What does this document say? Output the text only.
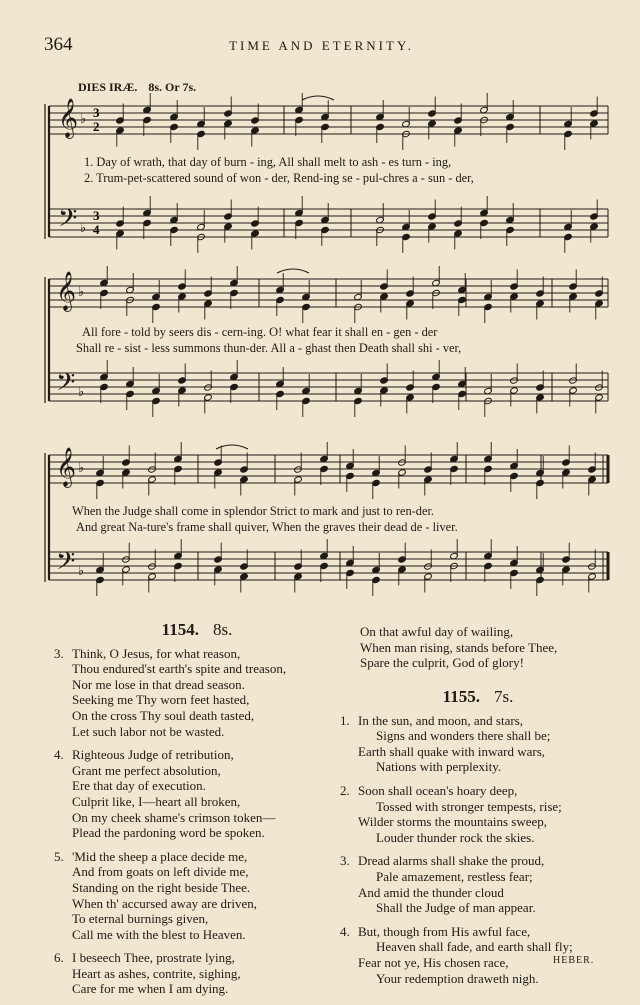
364	TIME AND ETERNITY.
DIES IRÆ. 8s. Or 7s.
3
2
3
4
𝄞
𝄢
♭
♭
𝄞
𝄢
♭
♭
𝄞
𝄢
♭
♭
1. Day of wrath, that day of burn - ing, All shall melt to ash - es turn - ing,
2. Trum-pet-scattered sound of won - der, Rend-ing se - pul-chres a - sun - der,
All fore - told by seers dis - cern-ing. O! what fear it shall en - gen - der
Shall re - sist - less summons thun-der. All a - ghast then Death shall shi - ver,
When the Judge shall come in splendor Strict to mark and just to ren-der.
And great Na-ture's frame shall quiver, When the graves their dead de - liver.
1154. 8s.
3. Think, O Jesus, for what reason,
Thou endured'st earth's spite and treason,
Nor me lose in that dread season.
Seeking me Thy worn feet hasted,
On the cross Thy soul death tasted,
Let such labor not be wasted.
4. Righteous Judge of retribution,
Grant me perfect absolution,
Ere that day of execution.
Culprit like, I—heart all broken,
On my cheek shame's crimson token—
Plead the pardoning word be spoken.
5. 'Mid the sheep a place decide me,
And from goats on left divide me,
Standing on the right beside Thee.
When th' accursed away are driven,
To eternal burnings given,
Call me with the blest to Heaven.
6. I beseech Thee, prostrate lying,
Heart as ashes, contrite, sighing,
Care for me when I am dying.
On that awful day of wailing,
When man rising, stands before Thee,
Spare the culprit, God of glory!
1155. 7s.
1. In the sun, and moon, and stars,
Signs and wonders there shall be;
Earth shall quake with inward wars,
Nations with perplexity.
2. Soon shall ocean's hoary deep,
Tossed with stronger tempests, rise;
Wilder storms the mountains sweep,
Louder thunder rock the skies.
3. Dread alarms shall shake the proud,
Pale amazement, restless fear;
And amid the thunder cloud
Shall the Judge of man appear.
4. But, though from His awful face,
Heaven shall fade, and earth shall fly;
Fear not ye, His chosen race,
Your redemption draweth nigh.
HEBER.
